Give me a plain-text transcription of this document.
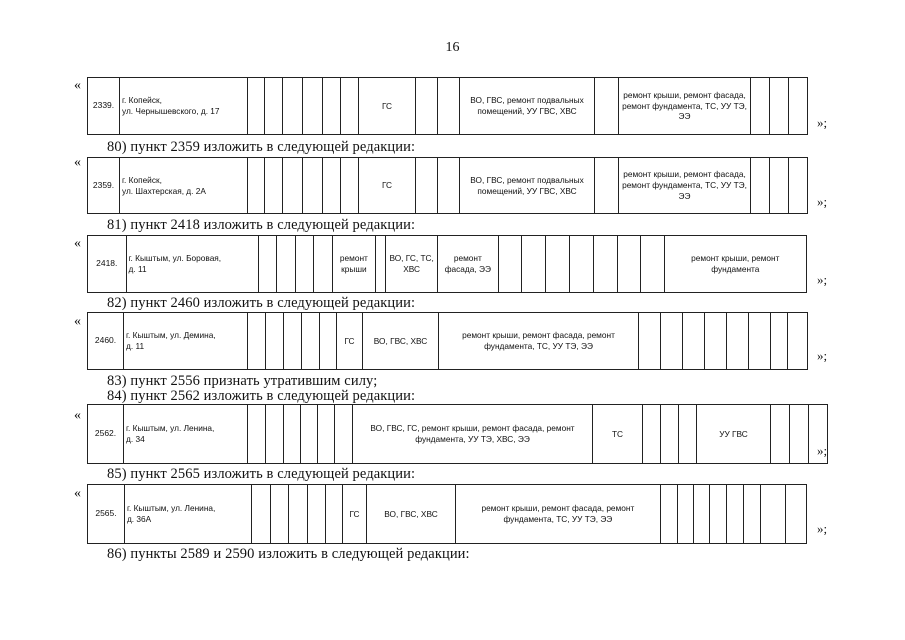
16
«
2339.	г. Копейск,
ул. Чернышевского, д. 17							ГС			ВО, ГВС, ремонт подвальных помещений, УУ ГВС, ХВС		ремонт крыши, ремонт фасада, ремонт фундамента, ТС, УУ ТЭ, ЭЭ				»;
80) пункт 2359 изложить в следующей редакции:
«
2359.	г. Копейск,
ул. Шахтерская, д. 2А							ГС			ВО, ГВС, ремонт подвальных помещений, УУ ГВС, ХВС		ремонт крыши, ремонт фасада, ремонт фундамента, ТС, УУ ТЭ, ЭЭ				»;
81) пункт 2418 изложить в следующей редакции:
«
2418.	г. Кыштым, ул. Боровая,
д. 11					ремонт крыши		ВО, ГС, ТС, ХВС	ремонт фасада, ЭЭ								ремонт крыши, ремонт фундамента
»;
82) пункт 2460 изложить в следующей редакции:
«
2460.	г. Кыштым, ул. Демина,
д. 11						ГС	ВО, ГВС, ХВС	ремонт крыши, ремонт фасада, ремонт фундамента, ТС, УУ ТЭ, ЭЭ								
»;
83) пункт 2556 признать утратившим силу;
84) пункт 2562 изложить в следующей редакции:
«
2562.	г. Кыштым, ул. Ленина,
д. 34							ВО, ГВС, ГС, ремонт крыши, ремонт фасада, ремонт фундамента, УУ ТЭ, ХВС, ЭЭ	ТС				УУ ГВС			
»;
85) пункт 2565 изложить в следующей редакции:
«
2565.	г. Кыштым, ул. Ленина,
д. 36А						ГС	ВО, ГВС, ХВС	ремонт крыши, ремонт фасада, ремонт фундамента, ТС, УУ ТЭ, ЭЭ								
»;
86) пункты 2589 и 2590 изложить в следующей редакции:
